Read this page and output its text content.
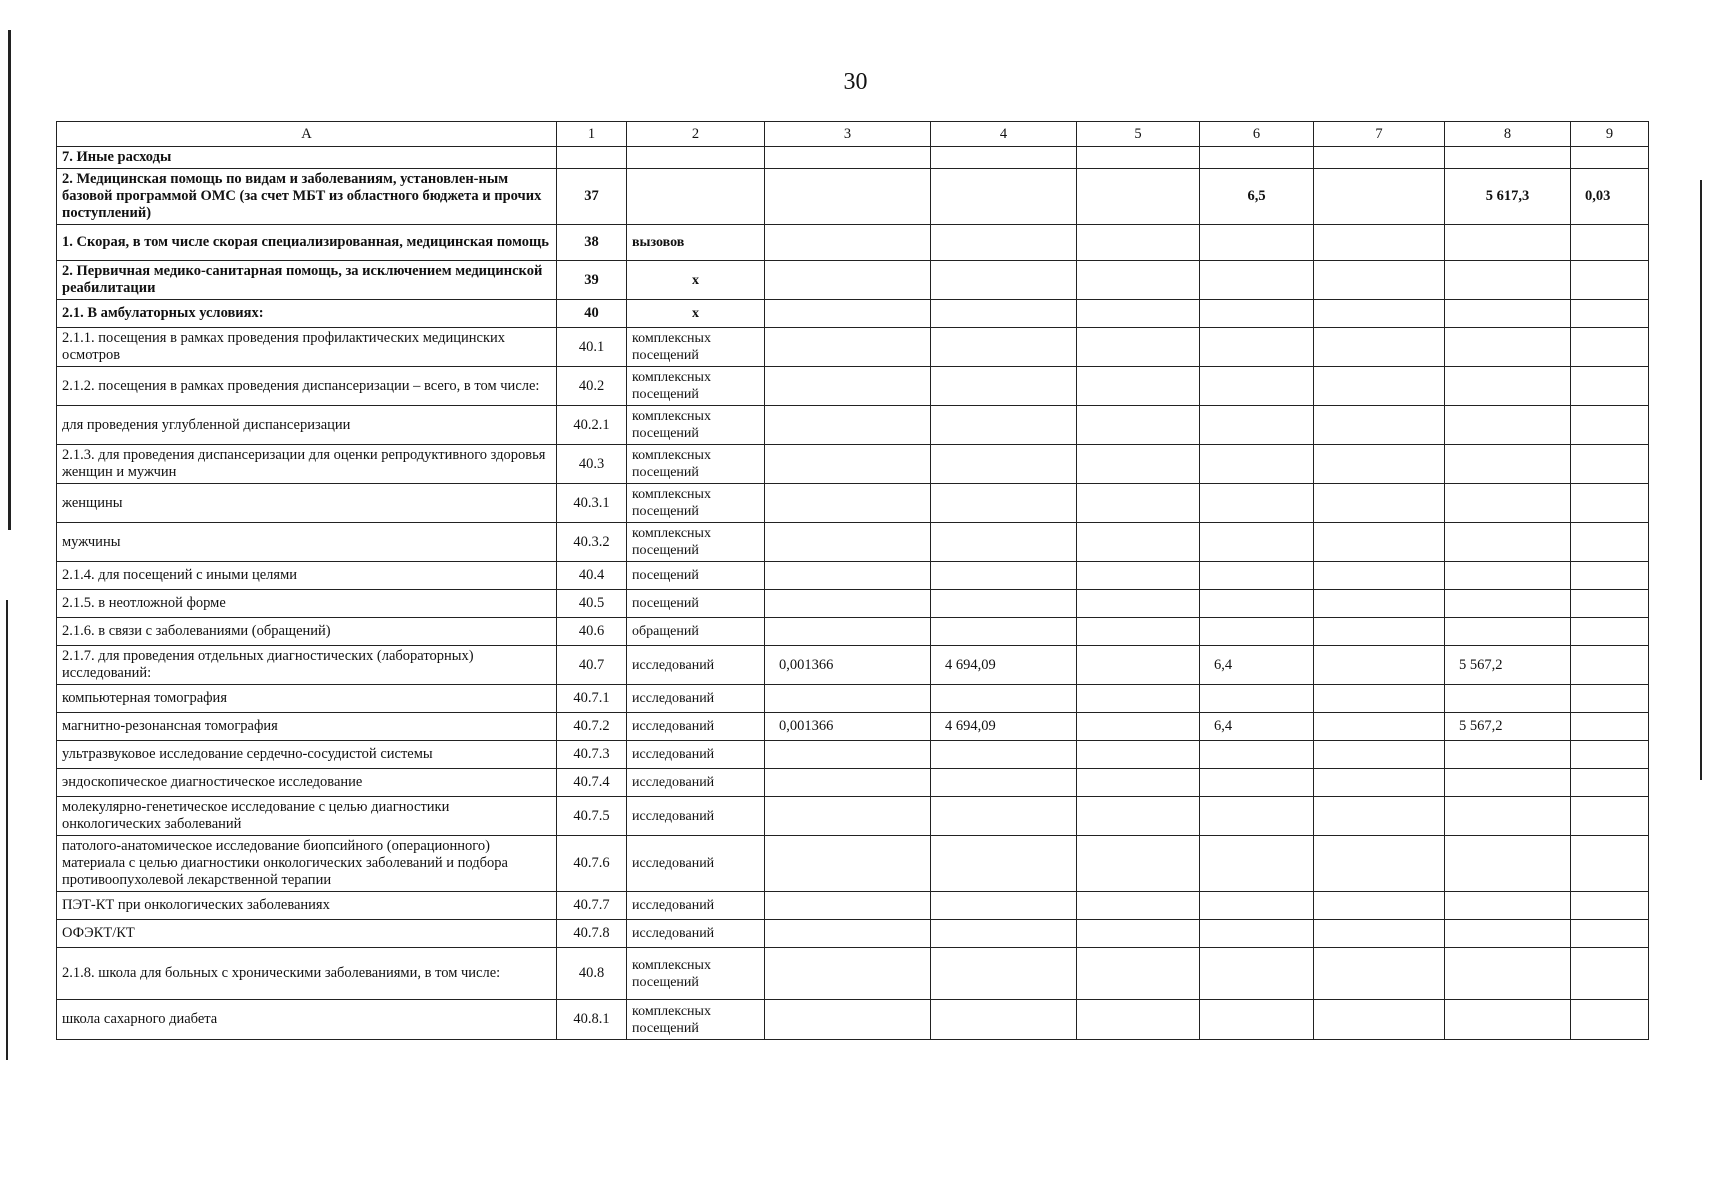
30
A	1	2	3	4	5	6	7	8	9
7. Иные расходы									
2. Медицинская помощь по видам и заболеваниям, установлен-ным базовой программой ОМС (за счет МБТ из областного бюджета и прочих поступлений)	37					6,5		5 617,3	0,03
1. Скорая, в том числе скорая специализированная, медицинская помощь	38	вызовов							
2. Первичная медико-санитарная помощь, за исключением медицинской реабилитации	39	х							
2.1. В амбулаторных условиях:	40	х							
2.1.1. посещения в рамках проведения профилактических медицинских осмотров	40.1	комплексных посещений							
2.1.2. посещения в рамках проведения диспансеризации – всего, в том числе:	40.2	комплексных посещений							
для проведения углубленной диспансеризации	40.2.1	комплексных посещений							
2.1.3. для проведения диспансеризации для оценки репродуктивного здоровья женщин и мужчин	40.3	комплексных посещений							
женщины	40.3.1	комплексных посещений							
мужчины	40.3.2	комплексных посещений							
2.1.4. для посещений с иными целями	40.4	посещений							
2.1.5. в неотложной форме	40.5	посещений							
2.1.6. в связи с заболеваниями (обращений)	40.6	обращений							
2.1.7. для проведения отдельных диагностических (лабораторных) исследований:	40.7	исследований	0,001366	4 694,09		6,4		5 567,2	
компьютерная томография	40.7.1	исследований							
магнитно-резонансная томография	40.7.2	исследований	0,001366	4 694,09		6,4		5 567,2	
ультразвуковое исследование сердечно-сосудистой системы	40.7.3	исследований							
эндоскопическое диагностическое исследование	40.7.4	исследований							
молекулярно-генетическое исследование с целью диагностики онкологических заболеваний	40.7.5	исследований							
патолого-анатомическое исследование биопсийного (операционного) материала с целью диагностики онкологических заболеваний и подбора противоопухолевой лекарственной терапии	40.7.6	исследований							
ПЭТ-КТ при онкологических заболеваниях	40.7.7	исследований							
ОФЭКТ/КТ	40.7.8	исследований							
2.1.8. школа для больных с хроническими заболеваниями, в том числе:	40.8	комплексных посещений							
школа сахарного диабета	40.8.1	комплексных посещений							
